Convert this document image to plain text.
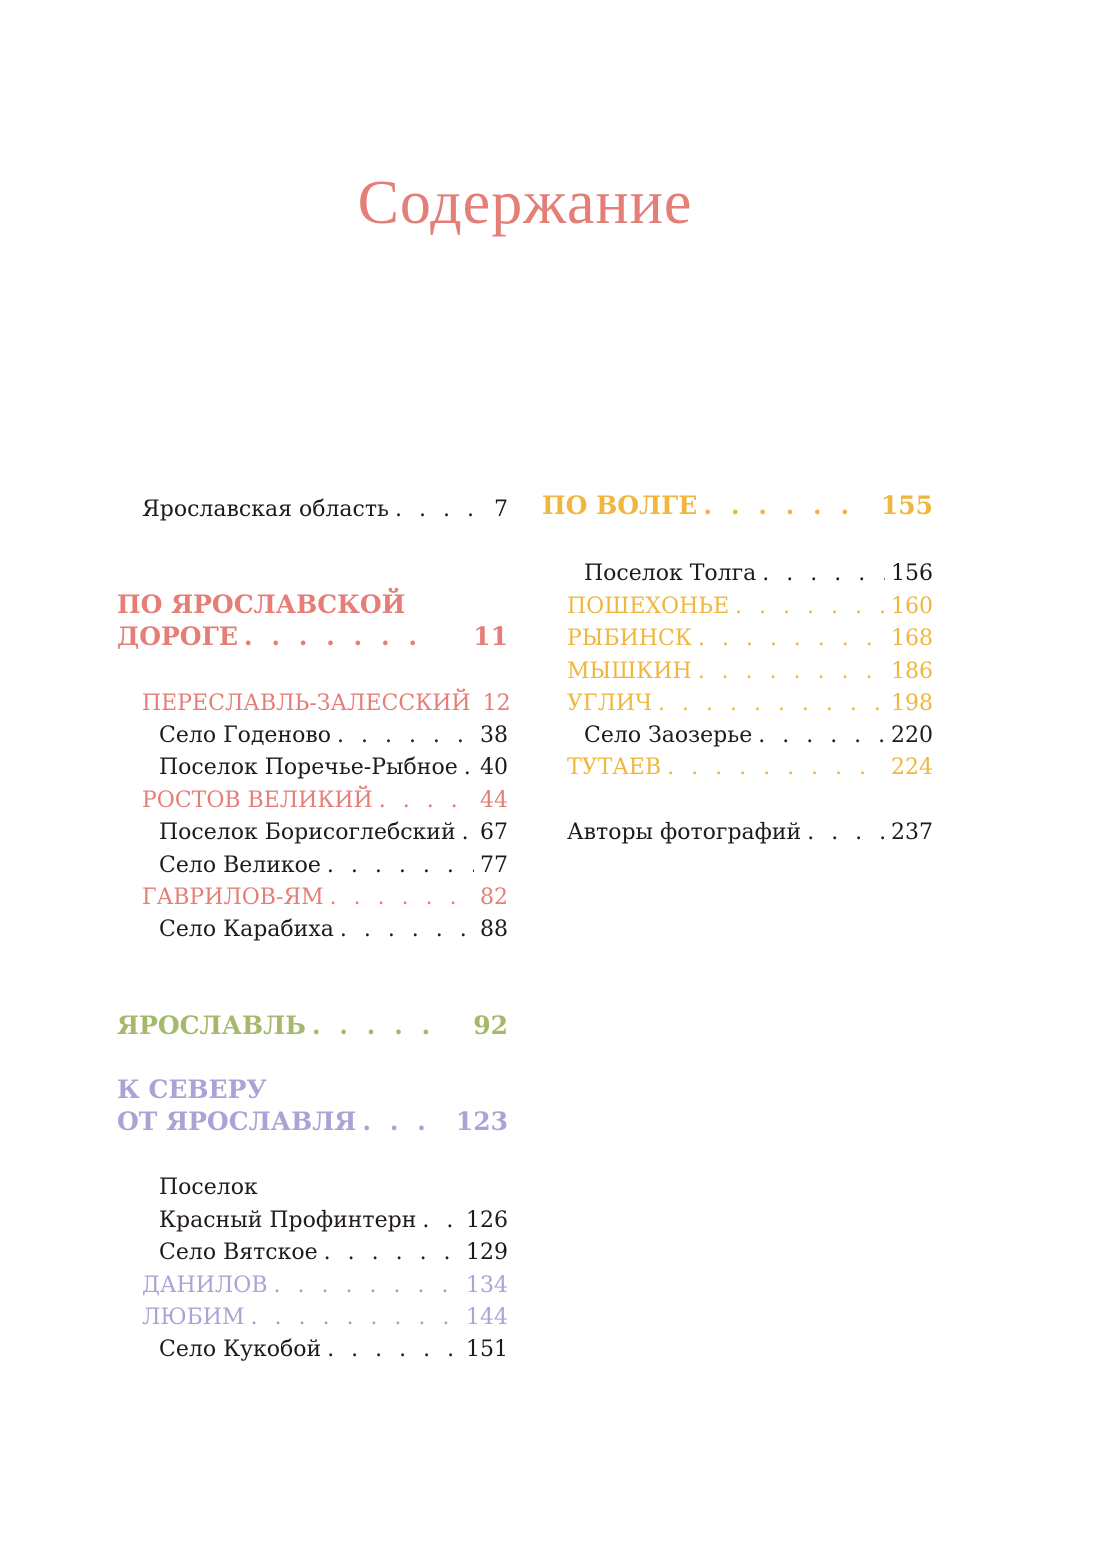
Содержание
Ярославская область . . .	7
ПО ЯРОСЛАВСКОЙ
ДОРОГЕ . . .	11
ПЕРЕСЛАВЛЬ-ЗАЛЕССКИЙ 12
Село Годеново . . .	38
Поселок Поречье-Рыбное . . . 40
РОСТОВ ВЕЛИКИЙ . . .	44
Поселок Борисоглебский . . . 67
Село Великое . . .	77
ГАВРИЛОВ-ЯМ . . .	82
Село Карабиха . . .	88
ЯРОСЛАВЛЬ . . .	92
К СЕВЕРУ
ОТ ЯРОСЛАВЛЯ . . .	123
Поселок
Красный Профинтерн . . . 126
Село Вятское . . .	129
ДАНИЛОВ . . .	134
ЛЮБИМ . . .	144
Село Кукобой . . .	151
ПО ВОЛГЕ . . .	155
Поселок Толга . . .	156
ПОШЕХОНЬЕ . . .	160
РЫБИНСК . . .	168
МЫШКИН . . .	186
УГЛИЧ . . .	198
Село Заозерье . . .	220
ТУТАЕВ . . .	224
Авторы фотографий . . .	237
